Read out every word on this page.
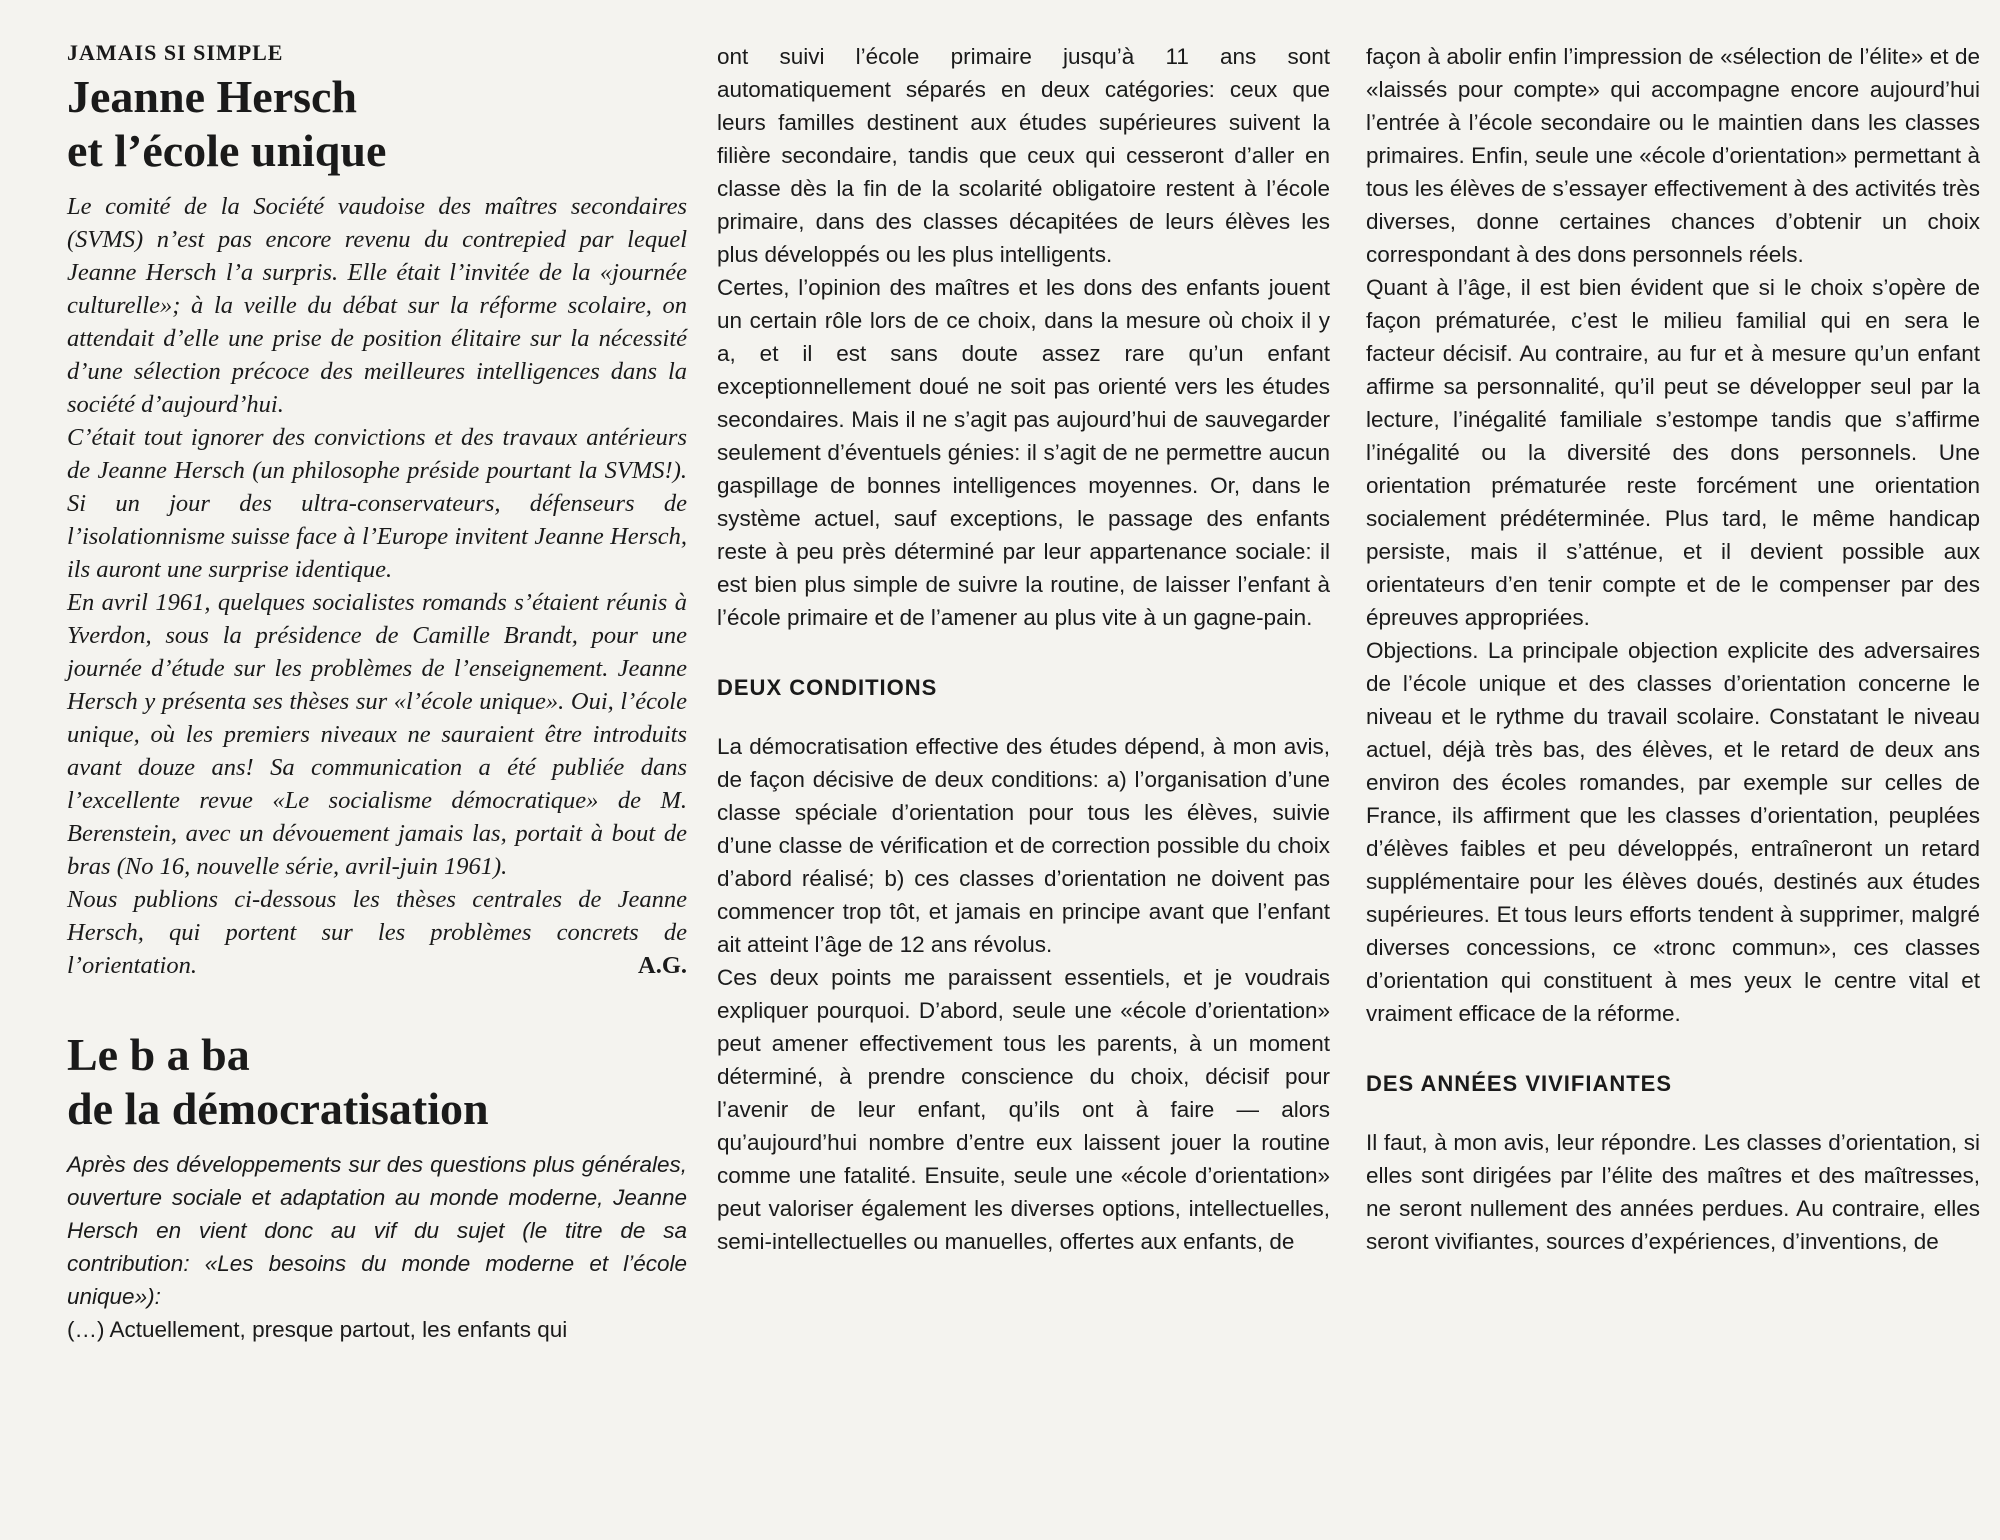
JAMAIS SI SIMPLE
Jeanne Hersch
et l’école unique

Le comité de la Société vaudoise des maîtres secondaires (SVMS) n’est pas encore revenu du contrepied par lequel Jeanne Hersch l’a surpris. Elle était l’invitée de la «journée culturelle»; à la veille du débat sur la réforme scolaire, on attendait d’elle une prise de position élitaire sur la nécessité d’une sélection précoce des meilleures intelligences dans la société d’aujourd’hui.

C’était tout ignorer des convictions et des travaux antérieurs de Jeanne Hersch (un philosophe préside pourtant la SVMS!). Si un jour des ultra-conservateurs, défenseurs de l’isolationnisme suisse face à l’Europe invitent Jeanne Hersch, ils auront une surprise identique.

En avril 1961, quelques socialistes romands s’étaient réunis à Yverdon, sous la présidence de Camille Brandt, pour une journée d’étude sur les problèmes de l’enseignement. Jeanne Hersch y présenta ses thèses sur «l’école unique». Oui, l’école unique, où les premiers niveaux ne sauraient être introduits avant douze ans! Sa communication a été publiée dans l’excellente revue «Le socialisme démocratique» de M. Berenstein, avec un dévouement jamais las, portait à bout de bras (No 16, nouvelle série, avril-juin 1961).

Nous publions ci-dessous les thèses centrales de Jeanne Hersch, qui portent sur les problèmes concrets de l’orientation.	A.G.
Le b a ba
de la démocratisation

Après des développements sur des questions plus générales, ouverture sociale et adaptation au monde moderne, Jeanne Hersch en vient donc au vif du sujet (le titre de sa contribution: «Les besoins du monde moderne et l’école unique»):

(…) Actuellement, presque partout, les enfants qui

ont suivi l’école primaire jusqu’à 11 ans sont automatiquement séparés en deux catégories: ceux que leurs familles destinent aux études supérieures suivent la filière secondaire, tandis que ceux qui cesseront d’aller en classe dès la fin de la scolarité obligatoire restent à l’école primaire, dans des classes décapitées de leurs élèves les plus développés ou les plus intelligents.

Certes, l’opinion des maîtres et les dons des enfants jouent un certain rôle lors de ce choix, dans la mesure où choix il y a, et il est sans doute assez rare qu’un enfant exceptionnellement doué ne soit pas orienté vers les études secondaires. Mais il ne s’agit pas aujourd’hui de sauvegarder seulement d’éventuels génies: il s’agit de ne permettre aucun gaspillage de bonnes intelligences moyennes. Or, dans le système actuel, sauf exceptions, le passage des enfants reste à peu près déterminé par leur appartenance sociale: il est bien plus simple de suivre la routine, de laisser l’enfant à l’école primaire et de l’amener au plus vite à un gagne-pain.

DEUX CONDITIONS

La démocratisation effective des études dépend, à mon avis, de façon décisive de deux conditions: a) l’organisation d’une classe spéciale d’orientation pour tous les élèves, suivie d’une classe de vérification et de correction possible du choix d’abord réalisé; b) ces classes d’orientation ne doivent pas commencer trop tôt, et jamais en principe avant que l’enfant ait atteint l’âge de 12 ans révolus.

Ces deux points me paraissent essentiels, et je voudrais expliquer pourquoi. D’abord, seule une «école d’orientation» peut amener effectivement tous les parents, à un moment déterminé, à prendre conscience du choix, décisif pour l’avenir de leur enfant, qu’ils ont à faire — alors qu’aujourd’hui nombre d’entre eux laissent jouer la routine comme une fatalité. Ensuite, seule une «école d’orientation» peut valoriser également les diverses options, intellectuelles, semi-intellectuelles ou manuelles, offertes aux enfants, de

façon à abolir enfin l’impression de «sélection de l’élite» et de «laissés pour compte» qui accompagne encore aujourd’hui l’entrée à l’école secondaire ou le maintien dans les classes primaires. Enfin, seule une «école d’orientation» permettant à tous les élèves de s’essayer effectivement à des activités très diverses, donne certaines chances d’obtenir un choix correspondant à des dons personnels réels.

Quant à l’âge, il est bien évident que si le choix s’opère de façon prématurée, c’est le milieu familial qui en sera le facteur décisif. Au contraire, au fur et à mesure qu’un enfant affirme sa personnalité, qu’il peut se développer seul par la lecture, l’inégalité familiale s’estompe tandis que s’affirme l’inégalité ou la diversité des dons personnels. Une orientation prématurée reste forcément une orientation socialement prédéterminée. Plus tard, le même handicap persiste, mais il s’atténue, et il devient possible aux orientateurs d’en tenir compte et de le compenser par des épreuves appropriées.

Objections. La principale objection explicite des adversaires de l’école unique et des classes d’orientation concerne le niveau et le rythme du travail scolaire. Constatant le niveau actuel, déjà très bas, des élèves, et le retard de deux ans environ des écoles romandes, par exemple sur celles de France, ils affirment que les classes d’orientation, peuplées d’élèves faibles et peu développés, entraîneront un retard supplémentaire pour les élèves doués, destinés aux études supérieures. Et tous leurs efforts tendent à supprimer, malgré diverses concessions, ce «tronc commun», ces classes d’orientation qui constituent à mes yeux le centre vital et vraiment efficace de la réforme.

DES ANNÉES VIVIFIANTES

Il faut, à mon avis, leur répondre. Les classes d’orientation, si elles sont dirigées par l’élite des maîtres et des maîtresses, ne seront nullement des années perdues. Au contraire, elles seront vivifiantes, sources d’expériences, d’inventions, de
